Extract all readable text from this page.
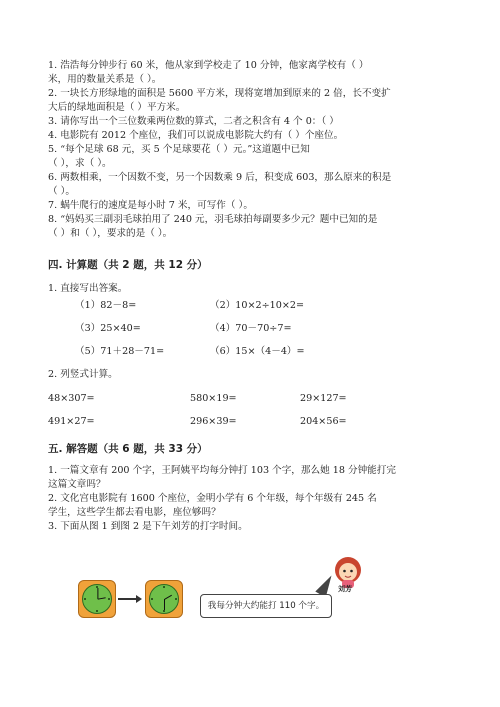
1. 浩浩每分钟步行 60 米，他从家到学校走了 10 分钟，他家离学校有（ ）
米，用的数量关系是（ ）。
2. 一块长方形绿地的面积是 5600 平方米，现将宽增加到原来的 2 倍，长不变扩
大后的绿地面积是（ ）平方米。
3. 请你写出一个三位数乘两位数的算式，二者之积含有 4 个 0：（ ）
4. 电影院有 2012 个座位，我们可以说成电影院大约有（ ）个座位。
5. “每个足球 68 元，买 5 个足球要花（ ）元。”这道题中已知
（ ），求（ ）。
6. 两数相乘，一个因数不变，另一个因数乘 9 后，积变成 603，那么原来的积是
（ ）。
7. 蜗牛爬行的速度是每小时 7 米，可写作（ ）。
8. “妈妈买三副羽毛球拍用了 240 元，羽毛球拍每副要多少元？题中已知的是
（ ）和（ ），要求的是（ ）。
四. 计算题（共 2 题，共 12 分）
1. 直接写出答案。
（1）82－8=	（2）10×2÷10×2=
（3）25×40=	（4）70－70÷7=
（5）71＋28－71=	（6）15×（4－4）=
2. 列竖式计算。
48×307=	580×19=	29×127=
491×27=	296×39=	204×56=
五. 解答题（共 6 题，共 33 分）
1. 一篇文章有 200 个字，王阿姨平均每分钟打 103 个字，那么她 18 分钟能打完
这篇文章吗？
2. 文化宫电影院有 1600 个座位，金明小学有 6 个年级，每个年级有 245 名
学生，这些学生都去看电影，座位够吗？
3. 下面从图 1 到图 2 是下午刘芳的打字时间。
我每分钟大约能打 110 个字。
刘芳
